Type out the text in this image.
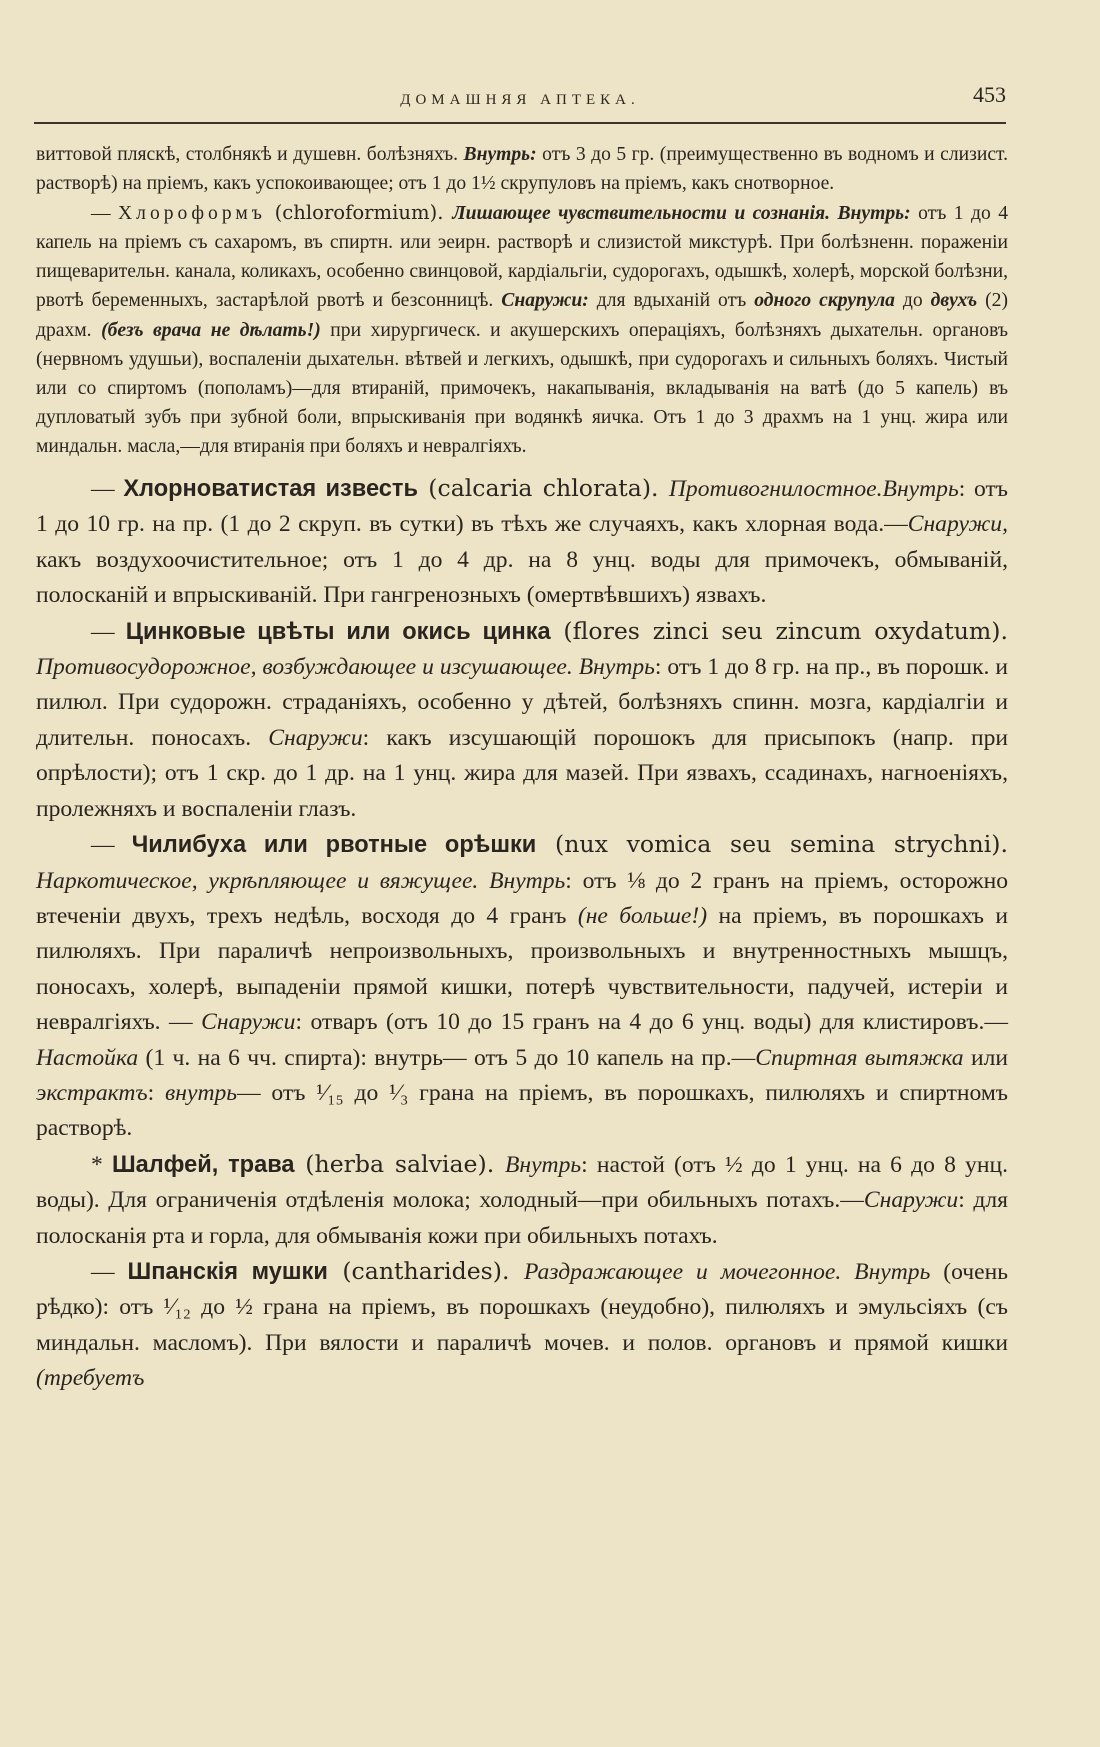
ДОМАШНЯЯ АПТЕКА.	453

виттовой пляскѣ, столбнякѣ и душевн. болѣзняхъ. Внутрь: отъ 3 до 5 гр. (преимущественно въ водномъ и слизист. растворѣ) на пріемъ, какъ успокоивающее; отъ 1 до 1½ скрупуловъ на пріемъ, какъ снотворное.

— Хлороформъ (chloroformium). Лишающее чувствительности и сознанія. Внутрь: отъ 1 до 4 капель на пріемъ съ сахаромъ, въ спиртн. или эеирн. растворѣ и слизистой микстурѣ. При болѣзненн. пораженіи пищеварительн. канала, коликахъ, особенно свинцовой, кардіальгіи, судорогахъ, одышкѣ, холерѣ, морской болѣзни, рвотѣ беременныхъ, застарѣлой рвотѣ и безсонницѣ. Снаружи: для вдыханій отъ одного скрупула до двухъ (2) драхм. (безъ врача не дѣлать!) при хирургическ. и акушерскихъ операціяхъ, болѣзняхъ дыхательн. органовъ (нервномъ удушьи), воспаленіи дыхательн. вѣтвей и легкихъ, одышкѣ, при судорогахъ и сильныхъ боляхъ. Чистый или со спиртомъ (пополамъ)—для втираній, примочекъ, накапыванія, вкладыванія на ватѣ (до 5 капель) въ дупловатый зубъ при зубной боли, впрыскиванія при водянкѣ яичка. Отъ 1 до 3 драхмъ на 1 унц. жира или миндальн. масла,—для втиранія при боляхъ и невралгіяхъ.

— Хлорноватистая известь (calcaria chlorata). Противогнилостное.Внутрь: отъ 1 до 10 гр. на пр. (1 до 2 скруп. въ сутки) въ тѣхъ же случаяхъ, какъ хлорная вода.—Снаружи, какъ воздухоочистительное; отъ 1 до 4 др. на 8 унц. воды для примочекъ, обмываній, полосканій и впрыскиваній. При гангренозныхъ (омертвѣвшихъ) язвахъ.

— Цинковые цвѣты или окись цинка (flores zinci seu zincum oxydatum). Противосудорожное, возбуждающее и изсушающее. Внутрь: отъ 1 до 8 гр. на пр., въ порошк. и пилюл. При судорожн. страданіяхъ, особенно у дѣтей, болѣзняхъ спинн. мозга, кардіалгіи и длительн. поносахъ. Снаружи: какъ изсушающій порошокъ для присыпокъ (напр. при опрѣлости); отъ 1 скр. до 1 др. на 1 унц. жира для мазей. При язвахъ, ссадинахъ, нагноеніяхъ, пролежняхъ и воспаленіи глазъ.

— Чилибуха или рвотные орѣшки (nux vomica seu semina strychni). Наркотическое, укрѣпляющее и вяжущее. Внутрь: отъ ⅛ до 2 гранъ на пріемъ, осторожно втеченіи двухъ, трехъ недѣль, восходя до 4 гранъ (не больше!) на пріемъ, въ порошкахъ и пилюляхъ. При параличѣ непроизвольныхъ, произвольныхъ и внутренностныхъ мышцъ, поносахъ, холерѣ, выпаденіи прямой кишки, потерѣ чувствительности, падучей, истеріи и невралгіяхъ. — Снаружи: отваръ (отъ 10 до 15 гранъ на 4 до 6 унц. воды) для клистировъ.—Настойка (1 ч. на 6 чч. спирта): внутрь— отъ 5 до 10 капель на пр.—Спиртная вытяжка или экстрактъ: внутрь— отъ ¹⁄₁₅ до ¹⁄₃ грана на пріемъ, въ порошкахъ, пилюляхъ и спиртномъ растворѣ.

* Шалфей, трава (herba salviae). Внутрь: настой (отъ ½ до 1 унц. на 6 до 8 унц. воды). Для ограниченія отдѣленія молока; холодный—при обильныхъ потахъ.—Снаружи: для полосканія рта и горла, для обмыванія кожи при обильныхъ потахъ.

— Шпанскія мушки (cantharides). Раздражающее и мочегонное. Внутрь (очень рѣдко): отъ ¹⁄₁₂ до ½ грана на пріемъ, въ порошкахъ (неудобно), пилюляхъ и эмульсіяхъ (съ миндальн. масломъ). При вялости и параличѣ мочев. и полов. органовъ и прямой кишки (требуетъ
